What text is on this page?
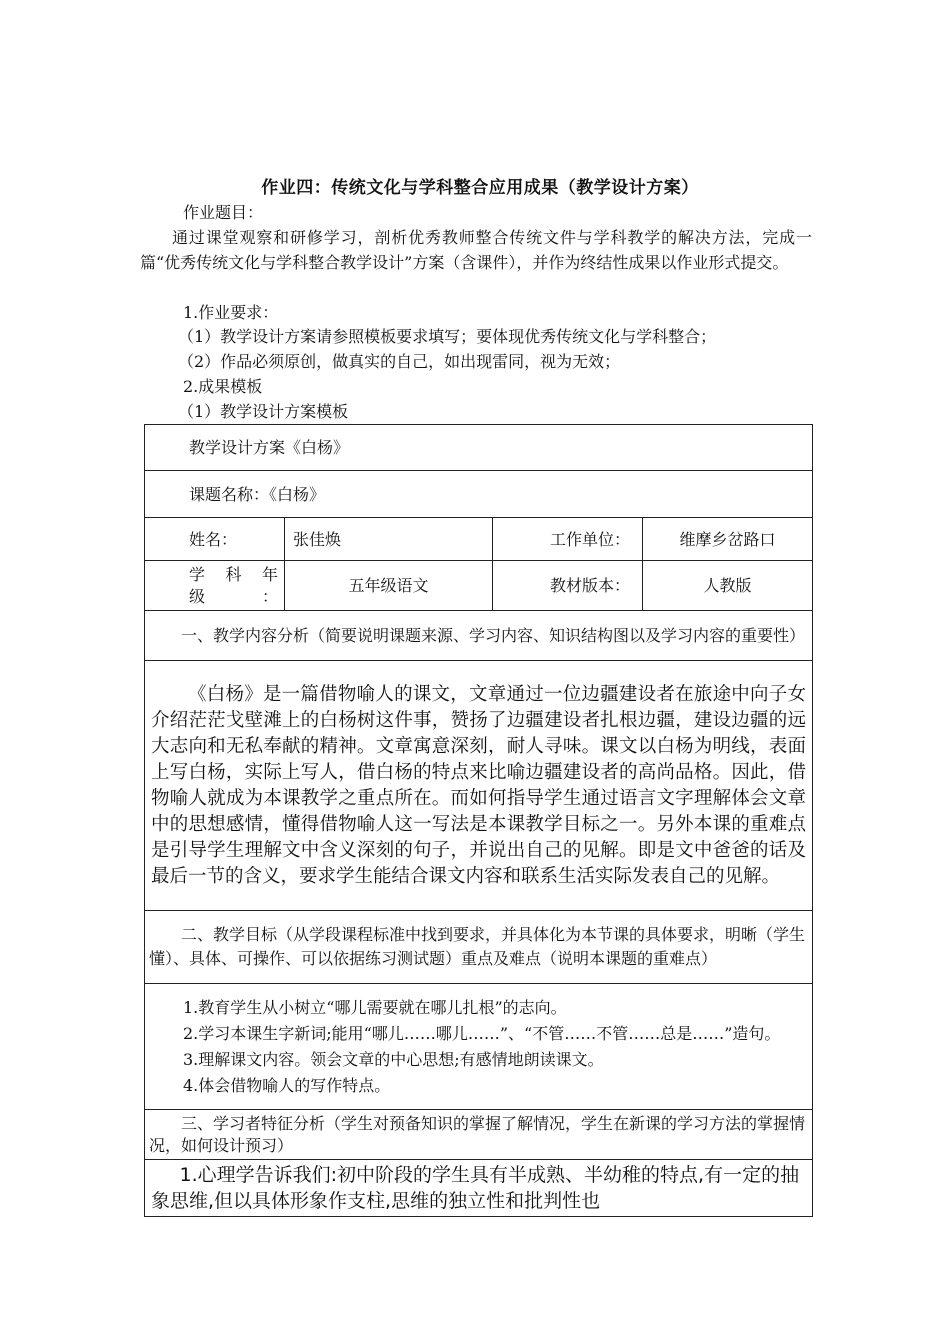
作业四：传统文化与学科整合应用成果（教学设计方案）
作业题目：
通过课堂观察和研修学习，剖析优秀教师整合传统文件与学科教学的解决方法，完成一篇“优秀传统文化与学科整合教学设计”方案（含课件），并作为终结性成果以作业形式提交。
1.作业要求：
（1）教学设计方案请参照模板要求填写；要体现优秀传统文化与学科整合；
（2）作品必须原创，做真实的自己，如出现雷同，视为无效；
2.成果模板
（1）教学设计方案模板
教学设计方案《白杨》			
课题名称：《白杨》			
姓名：	张佳焕	工作单位：	维摩乡岔路口

学 科 年 级：	五年级语文	教材版本：	人教版
一、教学内容分析（简要说明课题来源、学习内容、知识结构图以及学习内容的重要性）			
《白杨》是一篇借物喻人的课文，文章通过一位边疆建设者在旅途中向子女介绍茫茫戈壁滩上的白杨树这件事，赞扬了边疆建设者扎根边疆，建设边疆的远大志向和无私奉献的精神。文章寓意深刻，耐人寻味。课文以白杨为明线，表面上写白杨，实际上写人，借白杨的特点来比喻边疆建设者的高尚品格。因此，借物喻人就成为本课教学之重点所在。而如何指导学生通过语言文字理解体会文章中的思想感情，懂得借物喻人这一写法是本课教学目标之一。另外本课的重难点是引导学生理解文中含义深刻的句子，并说出自己的见解。即是文中爸爸的话及最后一节的含义，要求学生能结合课文内容和联系生活实际发表自己的见解。			
二、教学目标（从学段课程标准中找到要求，并具体化为本节课的具体要求，明晰（学生懂）、具体、可操作、可以依据练习测试题）重点及难点（说明本课题的重难点）			

1.教育学生从小树立“哪儿需要就在哪儿扎根”的志向。
2.学习本课生字新词;能用“哪儿……哪儿……”、“不管……不管……总是……”造句。
3.理解课文内容。领会文章的中心思想;有感情地朗读课文。
4.体会借物喻人的写作特点。			

三、学习者特征分析（学生对预备知识的掌握了解情况，学生在新课的学习方法的掌握情况，如何设计预习）			
1.心理学告诉我们:初中阶段的学生具有半成熟、半幼稚的特点,有一定的抽象思维,但以具体形象作支柱,思维的独立性和批判性也			
